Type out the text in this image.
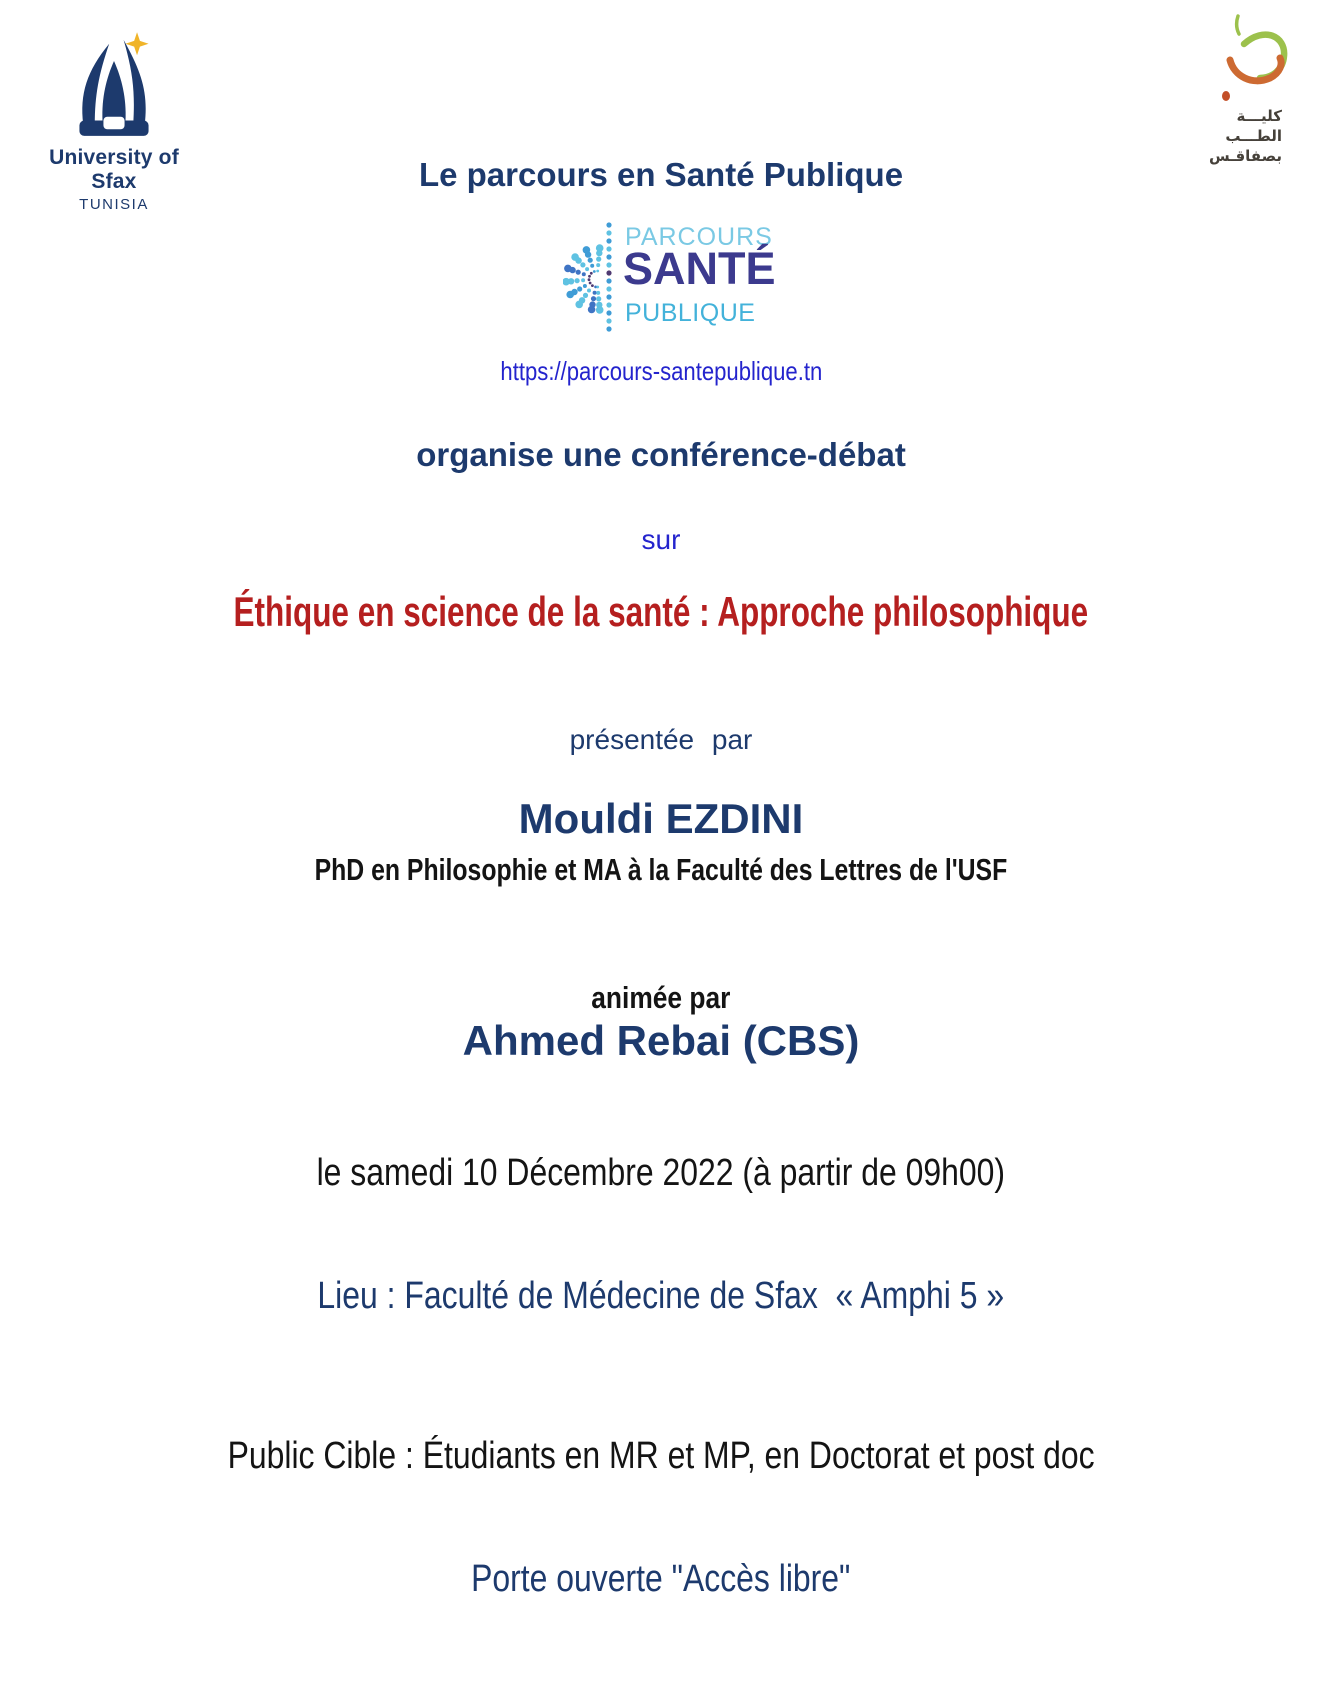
University of Sfax
TUNISIA
كليـــة
الطـــب
بصفاقـس
Le parcours en Santé Publique
PARCOURS
SANTÉ
PUBLIQUE
https://parcours-santepublique.tn
organise une conférence-débat
sur
Éthique en science de la santé : Approche philosophique
présentée par
Mouldi EZDINI
PhD en Philosophie et MA à la Faculté des Lettres de l'USF
animée par
Ahmed Rebai (CBS)
le samedi 10 Décembre 2022 (à partir de 09h00)
Lieu : Faculté de Médecine de Sfax  « Amphi 5 »
Public Cible : Étudiants en MR et MP, en Doctorat et post doc
Porte ouverte "Accès libre"
